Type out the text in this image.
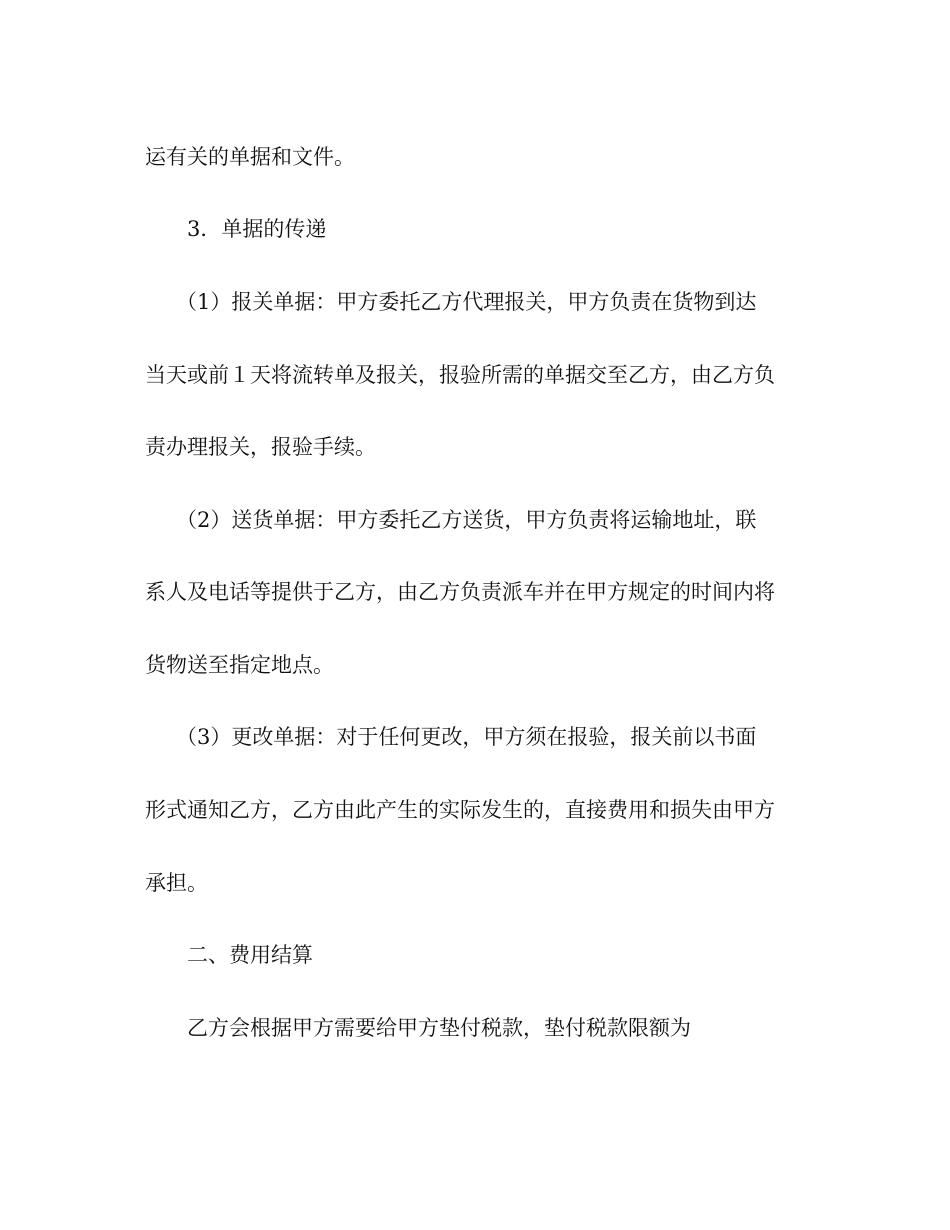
运有关的单据和文件。
3．单据的传递
（1）报关单据：甲方委托乙方代理报关，甲方负责在货物到达
当天或前１天将流转单及报关，报验所需的单据交至乙方，由乙方负
责办理报关，报验手续。
（2）送货单据：甲方委托乙方送货，甲方负责将运输地址，联
系人及电话等提供于乙方，由乙方负责派车并在甲方规定的时间内将
货物送至指定地点。
（3）更改单据：对于任何更改，甲方须在报验，报关前以书面
形式通知乙方，乙方由此产生的实际发生的，直接费用和损失由甲方
承担。
二、费用结算
乙方会根据甲方需要给甲方垫付税款，垫付税款限额为
